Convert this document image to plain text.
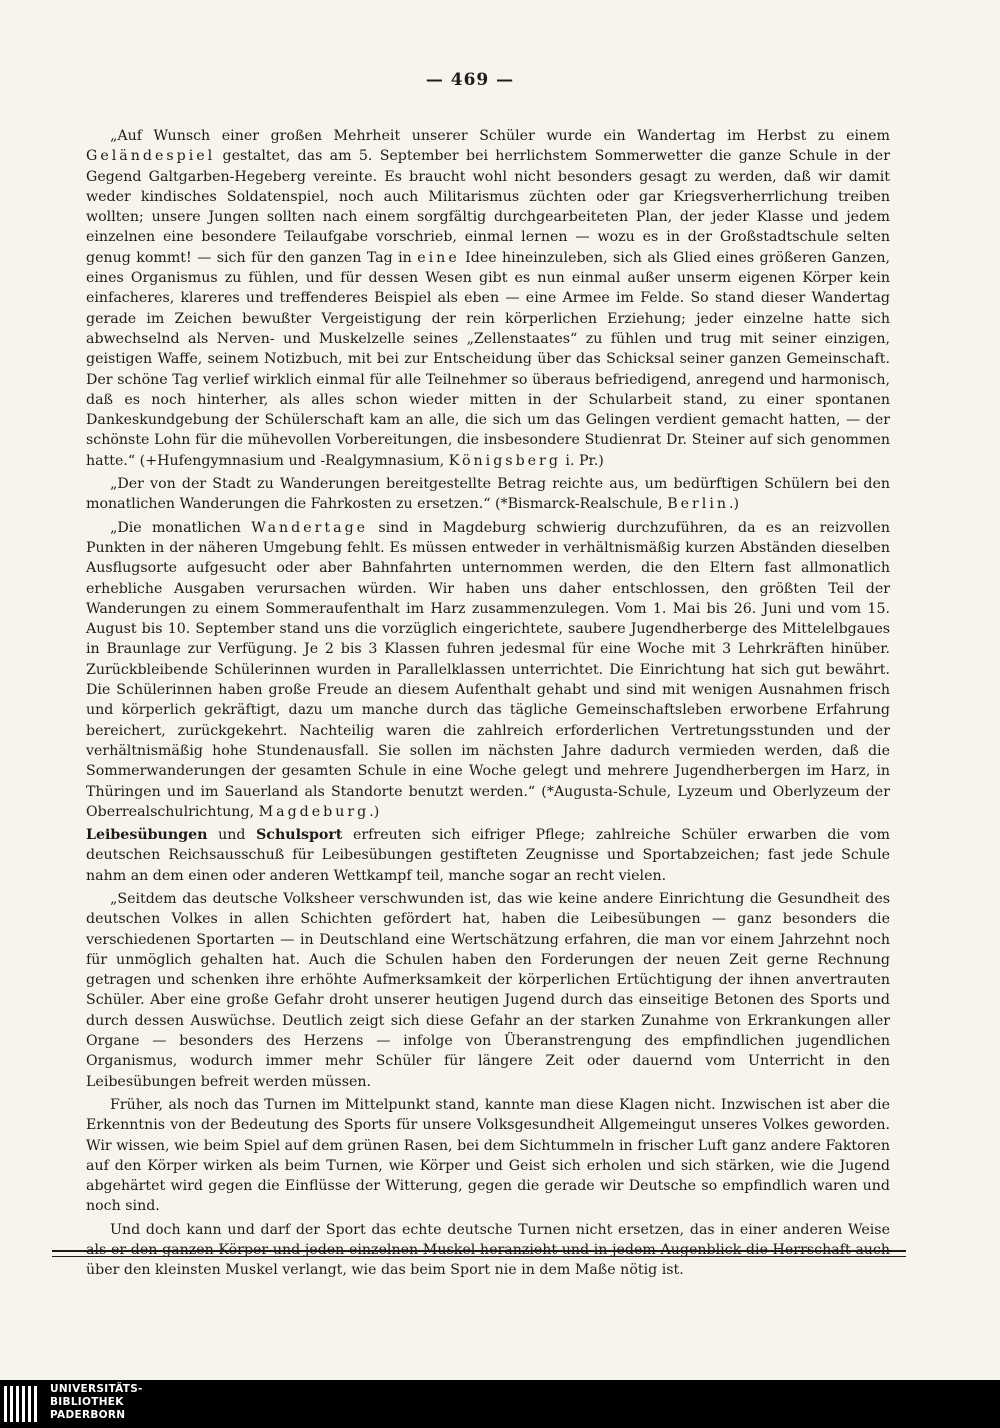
— 469 —

„Auf Wunsch einer großen Mehrheit unserer Schüler wurde ein Wandertag im Herbst zu einem Geländespiel gestaltet, das am 5. September bei herrlichstem Sommerwetter die ganze Schule in der Gegend Galtgarben-Hegeberg vereinte. Es braucht wohl nicht besonders gesagt zu werden, daß wir damit weder kindisches Soldatenspiel, noch auch Militarismus züchten oder gar Kriegsverherrlichung treiben wollten; unsere Jungen sollten nach einem sorgfältig durchgearbeiteten Plan, der jeder Klasse und jedem einzelnen eine besondere Teilaufgabe vorschrieb, einmal lernen — wozu es in der Großstadtschule selten genug kommt! — sich für den ganzen Tag in eine Idee hineinzuleben, sich als Glied eines größeren Ganzen, eines Organismus zu fühlen, und für dessen Wesen gibt es nun einmal außer unserm eigenen Körper kein einfacheres, klareres und treffenderes Beispiel als eben — eine Armee im Felde. So stand dieser Wandertag gerade im Zeichen bewußter Vergeistigung der rein körperlichen Erziehung; jeder einzelne hatte sich abwechselnd als Nerven- und Muskelzelle seines „Zellenstaates“ zu fühlen und trug mit seiner einzigen, geistigen Waffe, seinem Notizbuch, mit bei zur Entscheidung über das Schicksal seiner ganzen Gemeinschaft. Der schöne Tag verlief wirklich einmal für alle Teilnehmer so überaus befriedigend, anregend und harmonisch, daß es noch hinterher, als alles schon wieder mitten in der Schularbeit stand, zu einer spontanen Dankeskundgebung der Schülerschaft kam an alle, die sich um das Gelingen verdient gemacht hatten, — der schönste Lohn für die mühevollen Vorbereitungen, die insbesondere Studienrat Dr. Steiner auf sich genommen hatte.“ (+Hufengymnasium und -Realgymnasium, Königsberg i. Pr.)

„Der von der Stadt zu Wanderungen bereitgestellte Betrag reichte aus, um bedürftigen Schülern bei den monatlichen Wanderungen die Fahrkosten zu ersetzen.“ (*Bismarck-Realschule, Berlin.)

„Die monatlichen Wandertage sind in Magdeburg schwierig durchzuführen, da es an reizvollen Punkten in der näheren Umgebung fehlt. Es müssen entweder in verhältnismäßig kurzen Abständen dieselben Ausflugsorte aufgesucht oder aber Bahnfahrten unternommen werden, die den Eltern fast allmonatlich erhebliche Ausgaben verursachen würden. Wir haben uns daher entschlossen, den größten Teil der Wanderungen zu einem Sommeraufenthalt im Harz zusammenzulegen. Vom 1. Mai bis 26. Juni und vom 15. August bis 10. September stand uns die vorzüglich eingerichtete, saubere Jugendherberge des Mittelelbgaues in Braunlage zur Verfügung. Je 2 bis 3 Klassen fuhren jedesmal für eine Woche mit 3 Lehrkräften hinüber. Zurückbleibende Schülerinnen wurden in Parallelklassen unterrichtet. Die Einrichtung hat sich gut bewährt. Die Schülerinnen haben große Freude an diesem Aufenthalt gehabt und sind mit wenigen Ausnahmen frisch und körperlich gekräftigt, dazu um manche durch das tägliche Gemeinschaftsleben erworbene Erfahrung bereichert, zurückgekehrt. Nachteilig waren die zahlreich erforderlichen Vertretungsstunden und der verhältnismäßig hohe Stundenausfall. Sie sollen im nächsten Jahre dadurch vermieden werden, daß die Sommerwanderungen der gesamten Schule in eine Woche gelegt und mehrere Jugendherbergen im Harz, in Thüringen und im Sauerland als Standorte benutzt werden.“ (*Augusta-Schule, Lyzeum und Oberlyzeum der Oberrealschulrichtung, Magdeburg.)

Leibesübungen und Schulsport erfreuten sich eifriger Pflege; zahlreiche Schüler erwarben die vom deutschen Reichsausschuß für Leibesübungen gestifteten Zeugnisse und Sportabzeichen; fast jede Schule nahm an dem einen oder anderen Wettkampf teil, manche sogar an recht vielen.

„Seitdem das deutsche Volksheer verschwunden ist, das wie keine andere Einrichtung die Gesundheit des deutschen Volkes in allen Schichten gefördert hat, haben die Leibesübungen — ganz besonders die verschiedenen Sportarten — in Deutschland eine Wertschätzung erfahren, die man vor einem Jahrzehnt noch für unmöglich gehalten hat. Auch die Schulen haben den Forderungen der neuen Zeit gerne Rechnung getragen und schenken ihre erhöhte Aufmerksamkeit der körperlichen Ertüchtigung der ihnen anvertrauten Schüler. Aber eine große Gefahr droht unserer heutigen Jugend durch das einseitige Betonen des Sports und durch dessen Auswüchse. Deutlich zeigt sich diese Gefahr an der starken Zunahme von Erkrankungen aller Organe — besonders des Herzens — infolge von Überanstrengung des empfindlichen jugendlichen Organismus, wodurch immer mehr Schüler für längere Zeit oder dauernd vom Unterricht in den Leibesübungen befreit werden müssen.

Früher, als noch das Turnen im Mittelpunkt stand, kannte man diese Klagen nicht. Inzwischen ist aber die Erkenntnis von der Bedeutung des Sports für unsere Volksgesundheit Allgemeingut unseres Volkes geworden. Wir wissen, wie beim Spiel auf dem grünen Rasen, bei dem Sichtummeln in frischer Luft ganz andere Faktoren auf den Körper wirken als beim Turnen, wie Körper und Geist sich erholen und sich stärken, wie die Jugend abgehärtet wird gegen die Einflüsse der Witterung, gegen die gerade wir Deutsche so empfindlich waren und noch sind.

Und doch kann und darf der Sport das echte deutsche Turnen nicht ersetzen, das in einer anderen Weise als er den ganzen Körper und jeden einzelnen Muskel heranzieht und in jedem Augenblick die Herrschaft auch über den kleinsten Muskel verlangt, wie das beim Sport nie in dem Maße nötig ist.

UNIVERSITÄTS-
BIBLIOTHEK
PADERBORN
